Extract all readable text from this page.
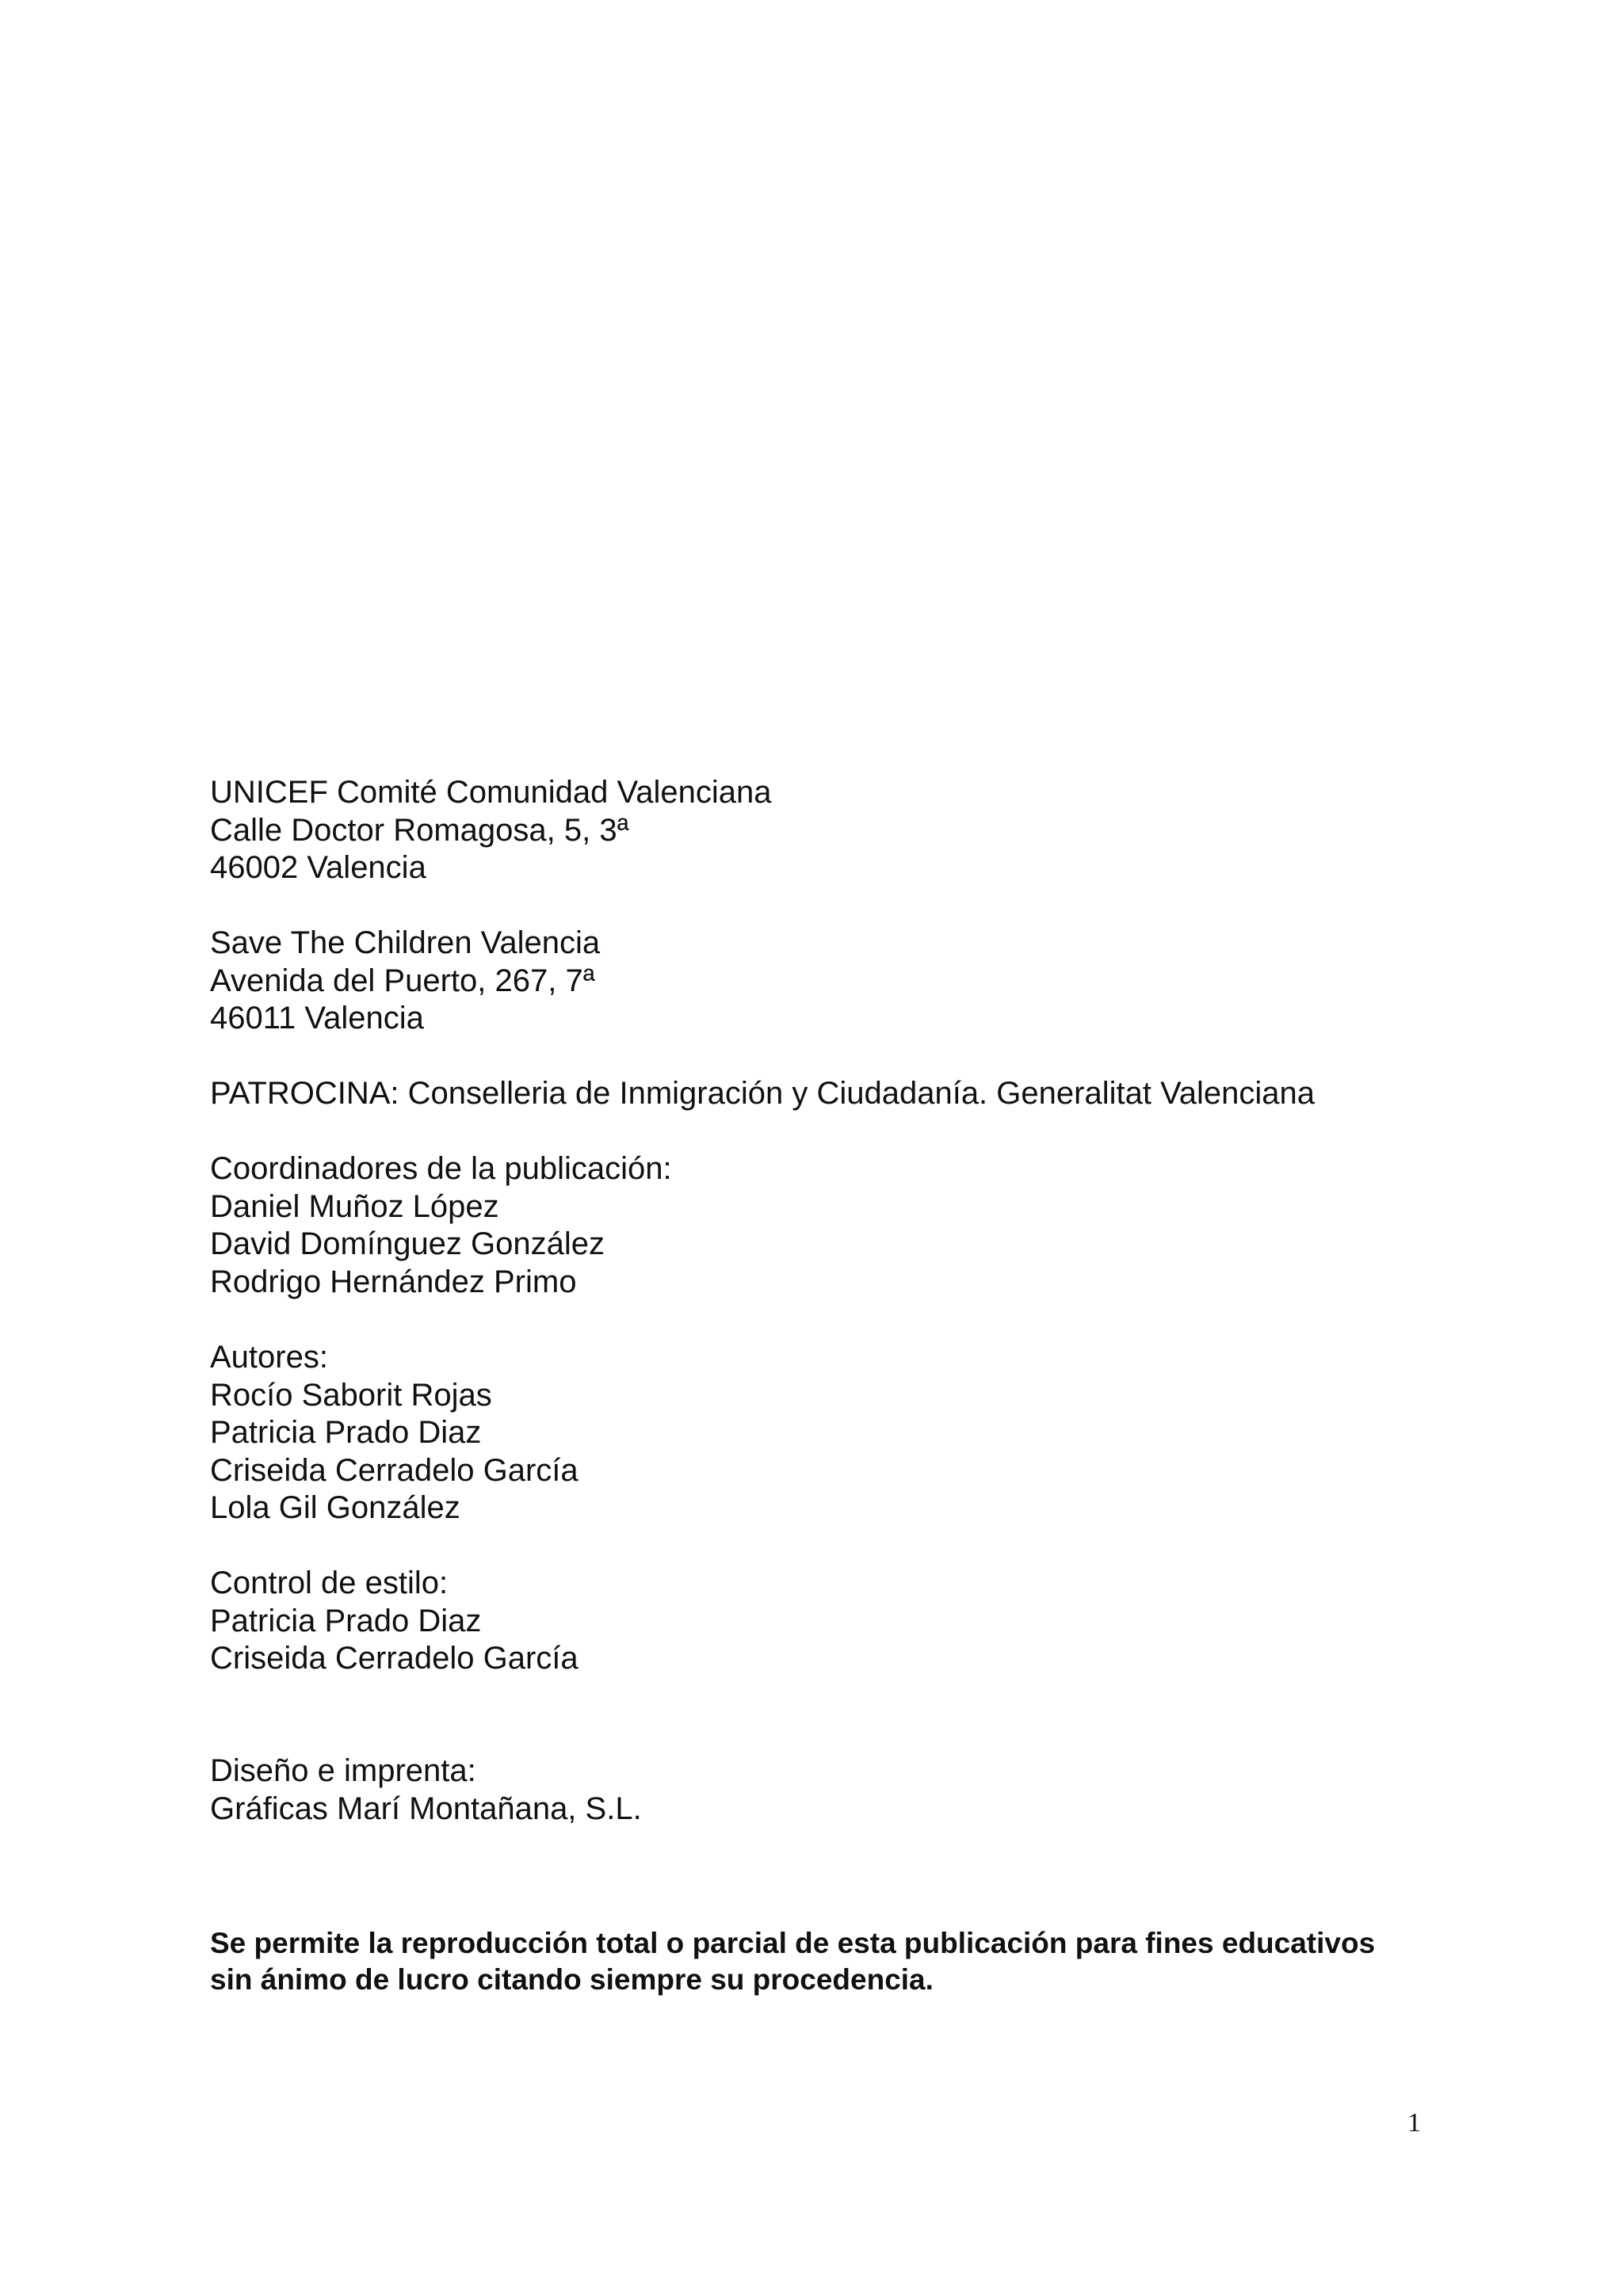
UNICEF Comité Comunidad Valenciana
Calle Doctor Romagosa, 5, 3ª
46002 Valencia
Save The Children Valencia
Avenida del Puerto, 267, 7ª
46011 Valencia
PATROCINA: Conselleria de Inmigración y Ciudadanía. Generalitat Valenciana
Coordinadores de la publicación:
Daniel Muñoz López
David Domínguez González
Rodrigo Hernández Primo
Autores:
Rocío Saborit Rojas
Patricia Prado Diaz
Criseida Cerradelo García
Lola Gil González
Control de estilo:
Patricia Prado Diaz
Criseida Cerradelo García
Diseño e imprenta:
Gráficas Marí Montañana, S.L.
Se permite la reproducción total o parcial de esta publicación para fines educativos
sin ánimo de lucro citando siempre su procedencia.
1
